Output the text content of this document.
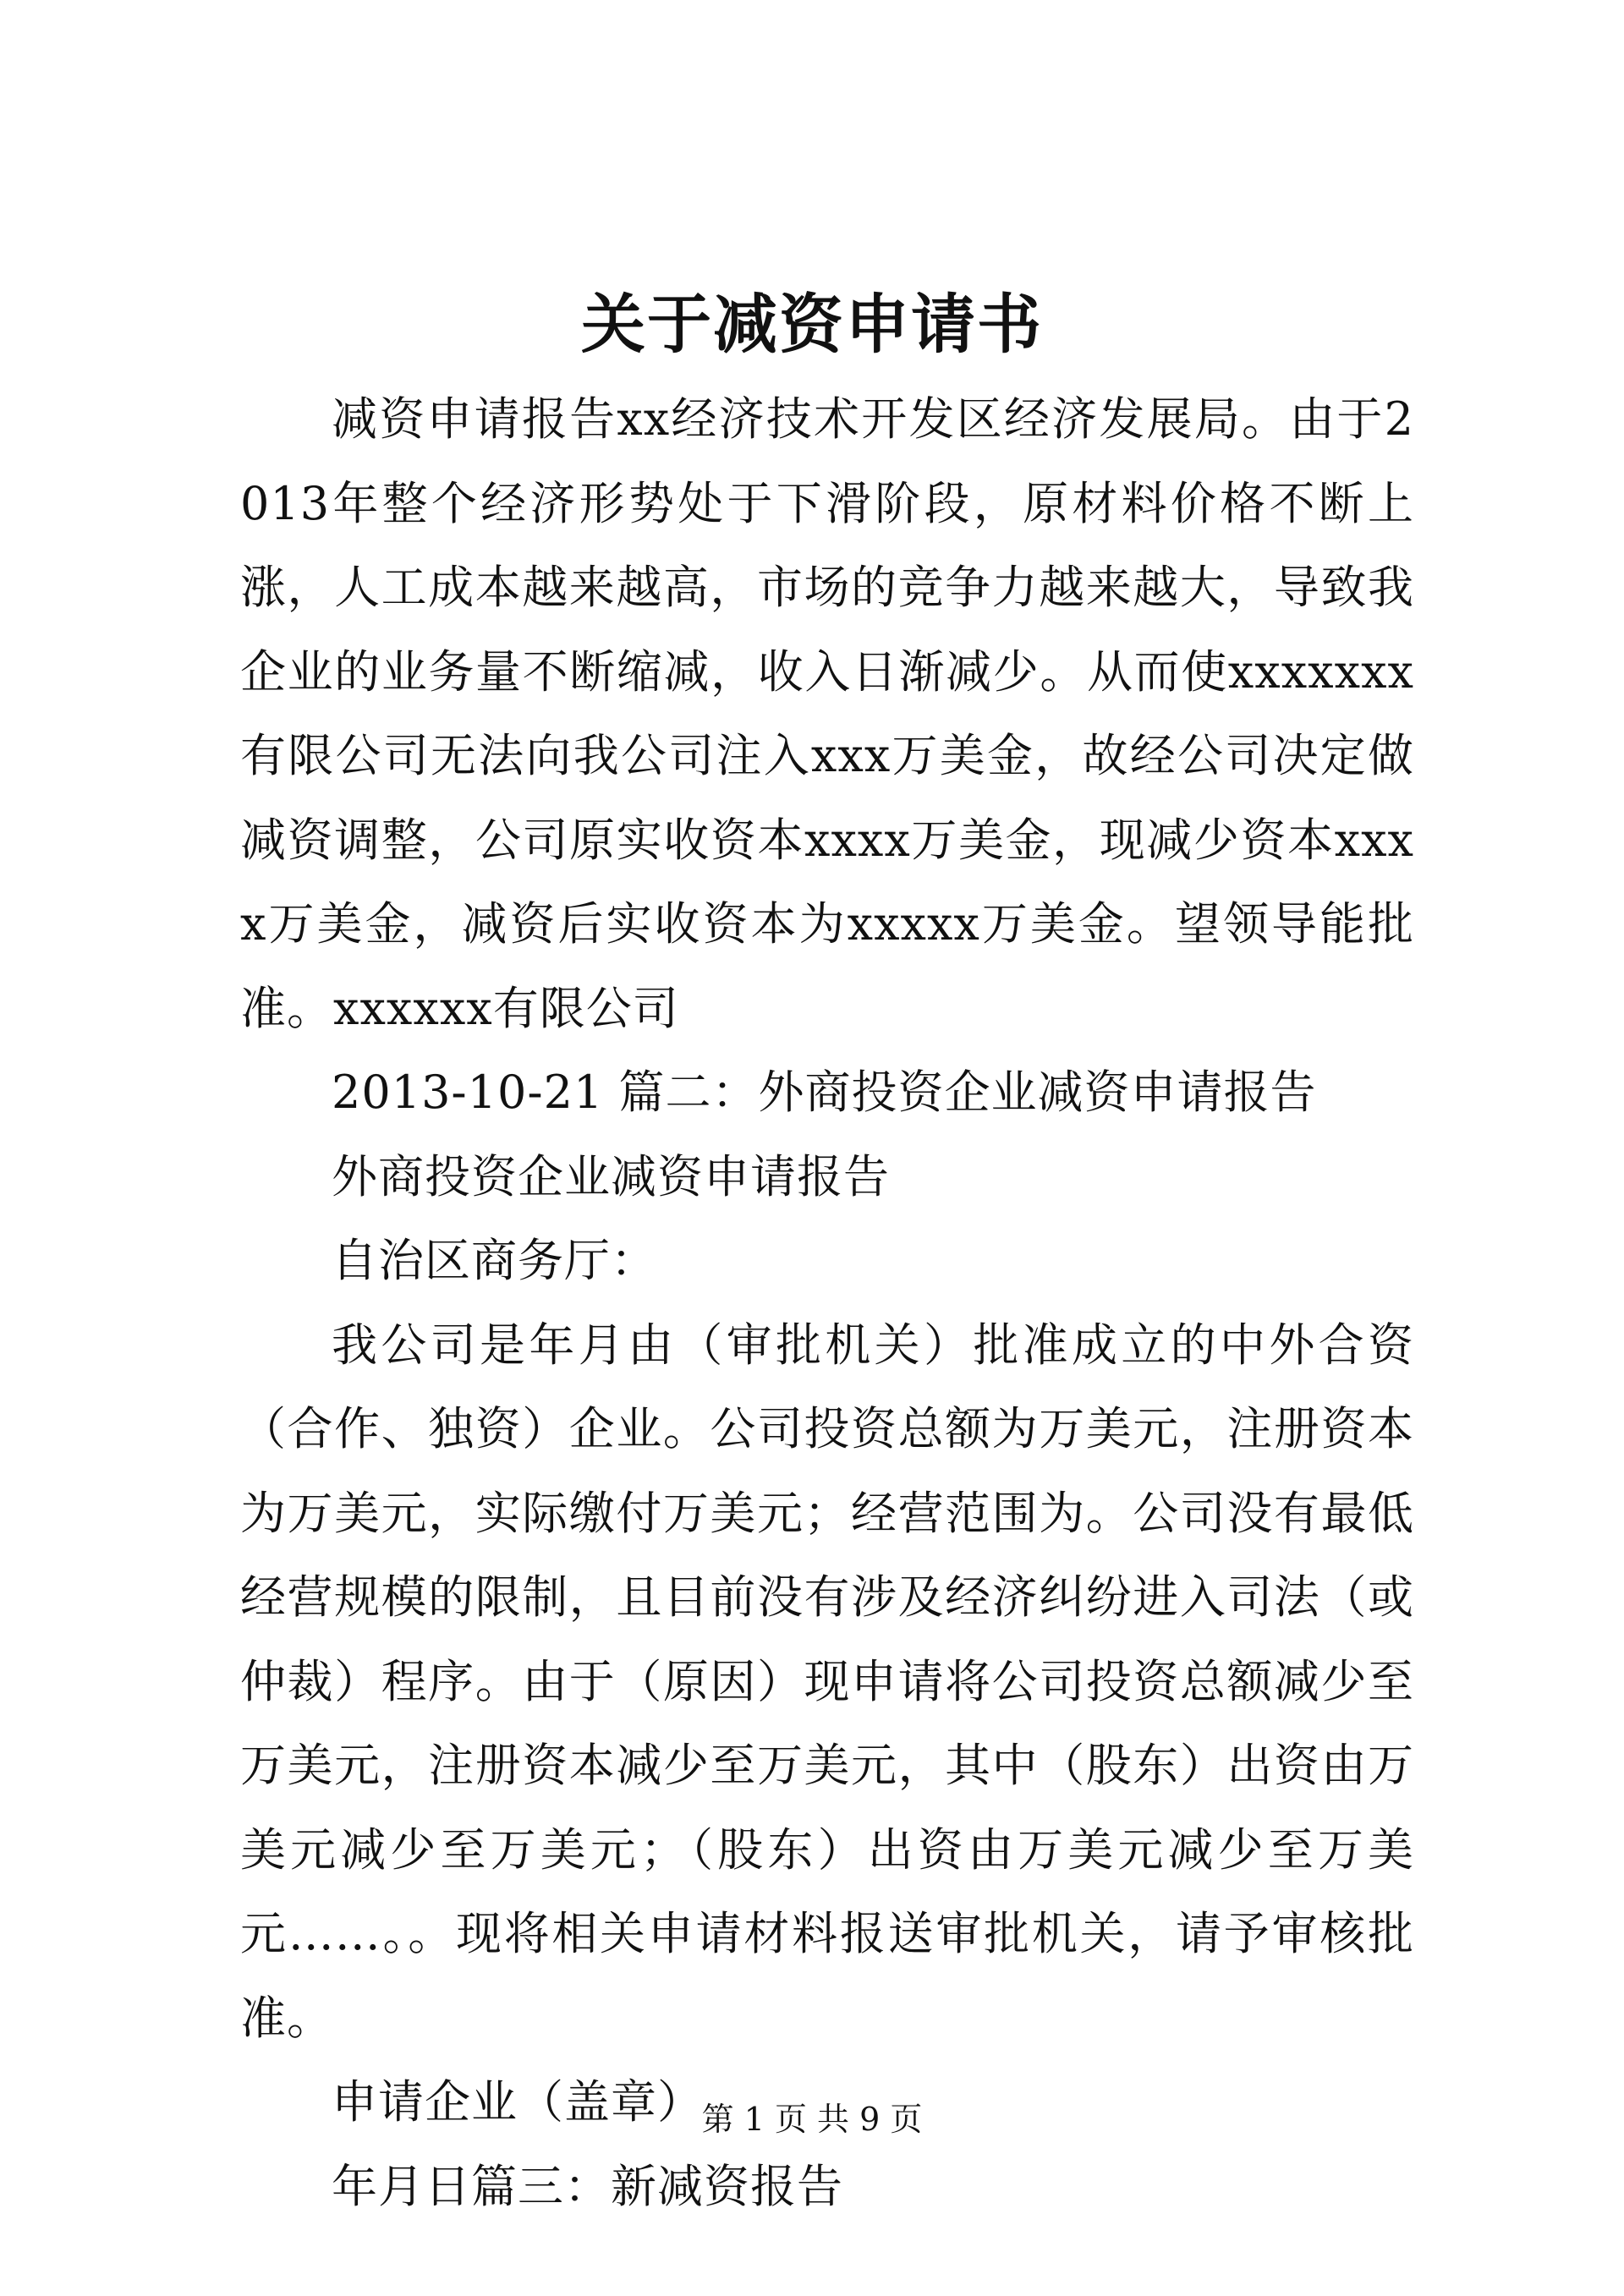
关于减资申请书

减资申请报告xx经济技术开发区经济发展局。由于2013年整个经济形势处于下滑阶段，原材料价格不断上涨，人工成本越来越高，市场的竞争力越来越大，导致我企业的业务量不断缩减，收入日渐减少。从而使xxxxxxx有限公司无法向我公司注入xxx万美金，故经公司决定做减资调整，公司原实收资本xxxx万美金，现减少资本xxxx万美金，减资后实收资本为xxxxx万美金。望领导能批准。xxxxxx有限公司

2013-10-21 篇二：外商投资企业减资申请报告

外商投资企业减资申请报告

自治区商务厅：

我公司是年月由（审批机关）批准成立的中外合资（合作、独资）企业。公司投资总额为万美元，注册资本为万美元，实际缴付万美元；经营范围为。公司没有最低经营规模的限制，且目前没有涉及经济纠纷进入司法（或仲裁）程序。由于（原因）现申请将公司投资总额减少至万美元，注册资本减少至万美元，其中（股东）出资由万美元减少至万美元；（股东）出资由万美元减少至万美元……。。现将相关申请材料报送审批机关，请予审核批准。

申请企业（盖章）

年月日篇三：新减资报告

第 1 页 共 9 页
